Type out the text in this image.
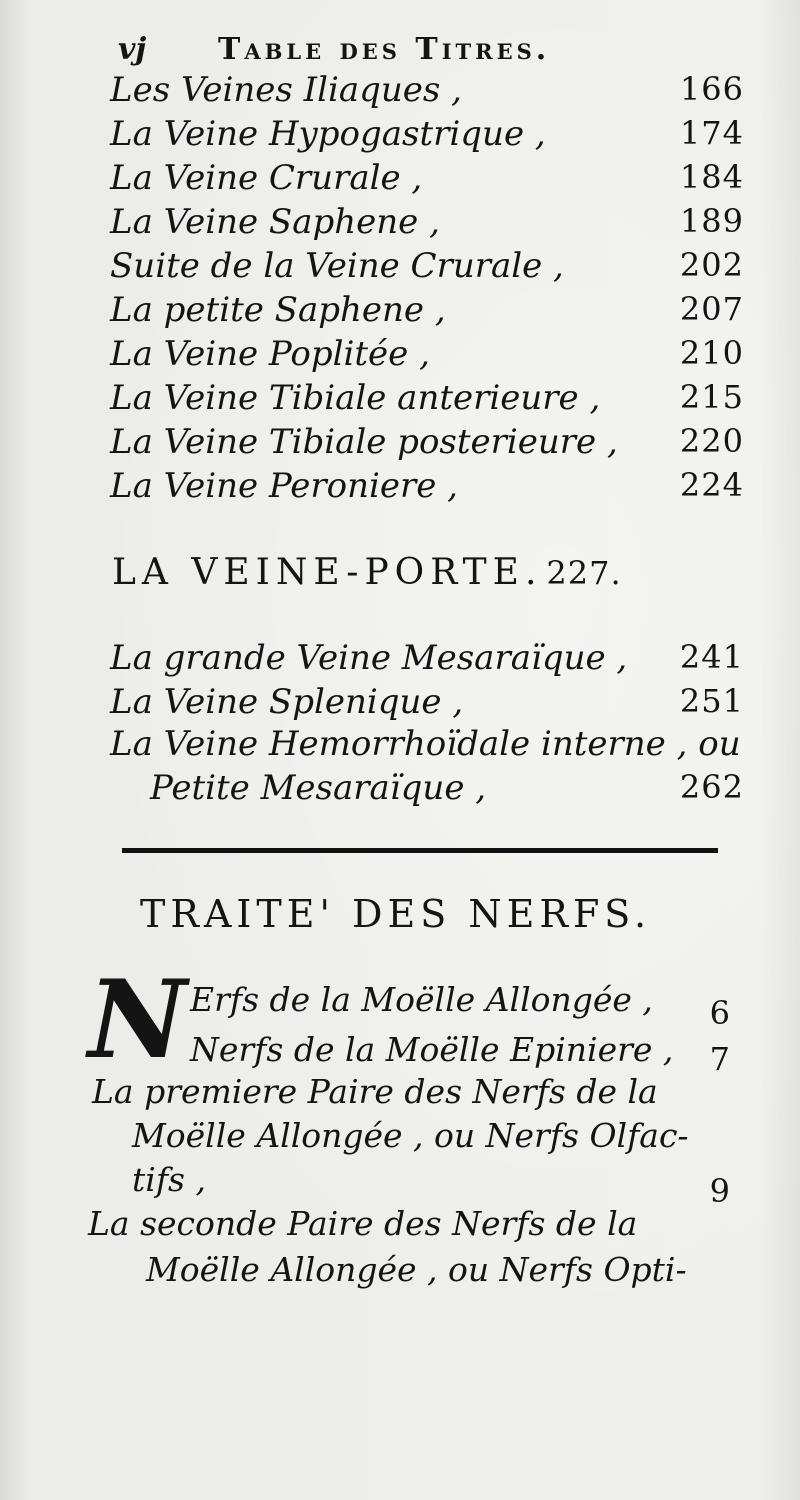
vj Table des Titres.
Les Veines Iliaques ,	166
La Veine Hypogastrique ,	174
La Veine Crurale ,	184
La Veine Saphene ,	189
Suite de la Veine Crurale ,	202
La petite Saphene ,	207
La Veine Poplitée ,	210
La Veine Tibiale anterieure , 215
La Veine Tibiale posterieure , 220
La Veine Peroniere ,	224
LA VEINE-PORTE. 227.
La grande Veine Mesaraïque , 241
La Veine Splenique ,	251
La Veine Hemorrhoïdale interne , ou
Petite Mesaraïque ,	262
TRAITE' DES NERFS.
N Erfs de la Moëlle Allongée , 6
Nerfs de la Moëlle Epiniere , 7
La premiere Paire des Nerfs de la
Moëlle Allongée , ou Nerfs Olfac-
tifs ,	9
La seconde Paire des Nerfs de la
Moëlle Allongée , ou Nerfs Opti-
